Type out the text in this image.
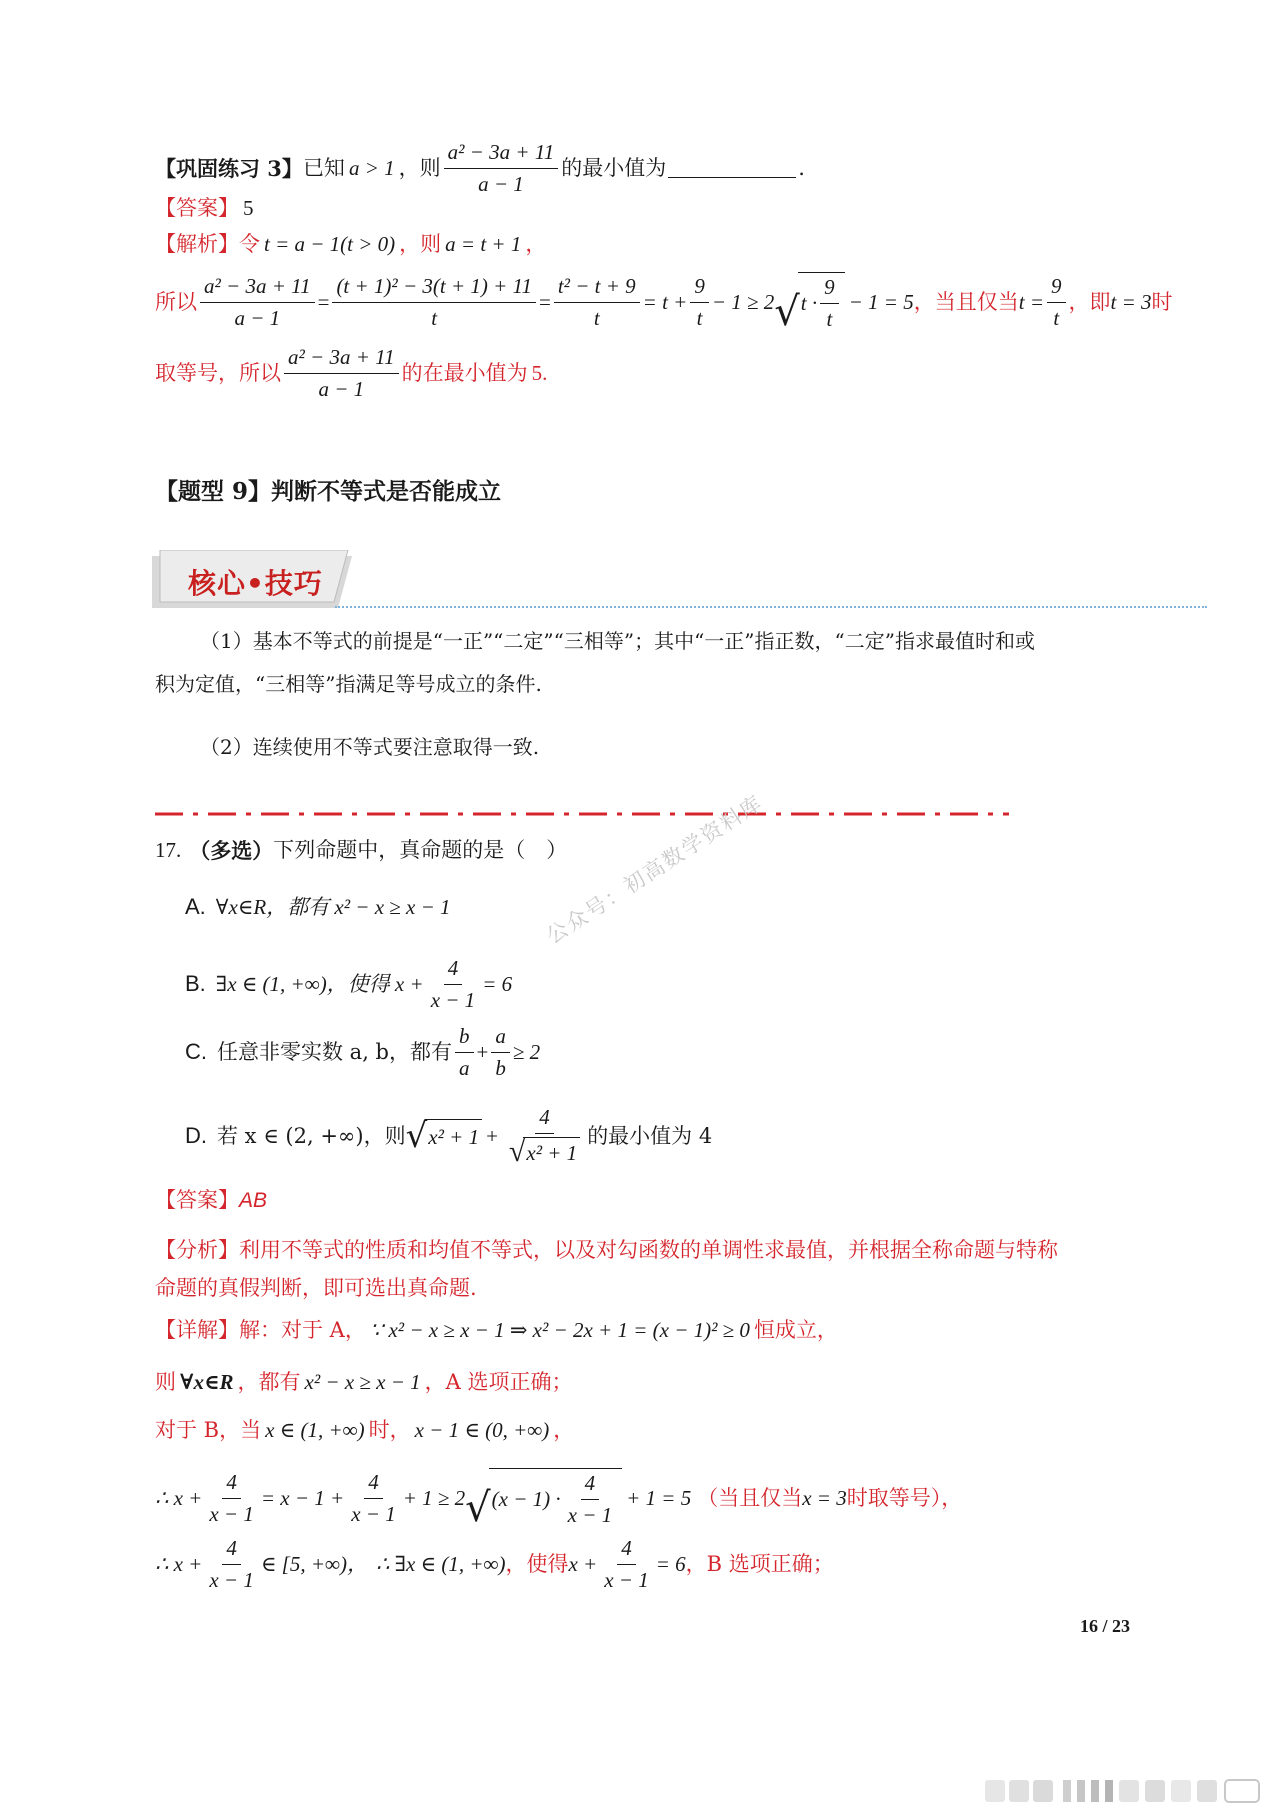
【巩固练习 3】 已知 a > 1 ，则 $\frac{\text{a² − 3a + 11}}{a - 1}$ 的最小值为	.
【答案】 5
【解析】 令 t = a − 1(t > 0) ，则 a = t + 1 ，
所以 $\frac{\text{a² − 3a + 11}}{a - 1} = \frac{\text{(t + 1)² − 3(t + 1) + 11}}{t} = \frac{\text{t² − t + 9}}{t} = t + \frac{9}{t} - 1 \ge 2$ √ $t \cdot \frac{9}{t} - 1 = 5$ ，当且仅当 $t = \frac{9}{t}$ ，即 t = 3 时
取等号，所以 $\frac{\text{a² − 3a + 11}}{a - 1}$ 的在最小值为 5.
【题型 9】判断不等式是否能成立
核心•技巧
（1）基本不等式的前提是“一正”“二定”“三相等”；其中“一正”指正数，“二定”指求最值时和或
积为定值，“三相等”指满足等号成立的条件.
（2）连续使用不等式要注意取得一致.
17. （多选） 下列命题中，真命题的是（　）
A. ∀x∈R，都有 x² − x ≥ x − 1
B. ∃x ∈ (1, +∞)，使得 $x + \frac{4}{x - 1} = 6$
C. 任意非零实数 a, b，都有 $\frac{b}{a} + \frac{a}{b} \ge 2$
D. 若 x ∈ (2, +∞)，则 √ $x^2 + 1 + \frac{4}{\text{√ x² + 1}}$ 的最小值为 4
【答案】 AB
【分析】 利用不等式的性质和均值不等式，以及对勾函数的单调性求最值，并根据全称命题与特称
命题的真假判断，即可选出真命题.
【详解】 解：对于 A， ∵ x² − x ≥ x − 1 ⇒ x² − 2x + 1 = (x − 1)² ≥ 0 恒成立，
则 ∀x∈R ，都有 x² − x ≥ x − 1 ，A 选项正确；
对于 B，当 x ∈ (1, +∞) 时， x − 1 ∈ (0, +∞) ，
∴ $x + \frac{4}{x - 1} = x - 1 + \frac{4}{x - 1} + 1 \ge 2$ √ $(x - 1) \cdot \frac{4}{x - 1} + 1 = 5$ （当且仅当 x = 3 时取等号），
∴ $x + \frac{4}{x - 1}$ ∈ [5, +∞)， ∴ ∃x ∈ (1, +∞) ，使得 $x + \frac{4}{x - 1} = 6$ ，B 选项正确；
16 / 23
公众号：初高数学资料库
